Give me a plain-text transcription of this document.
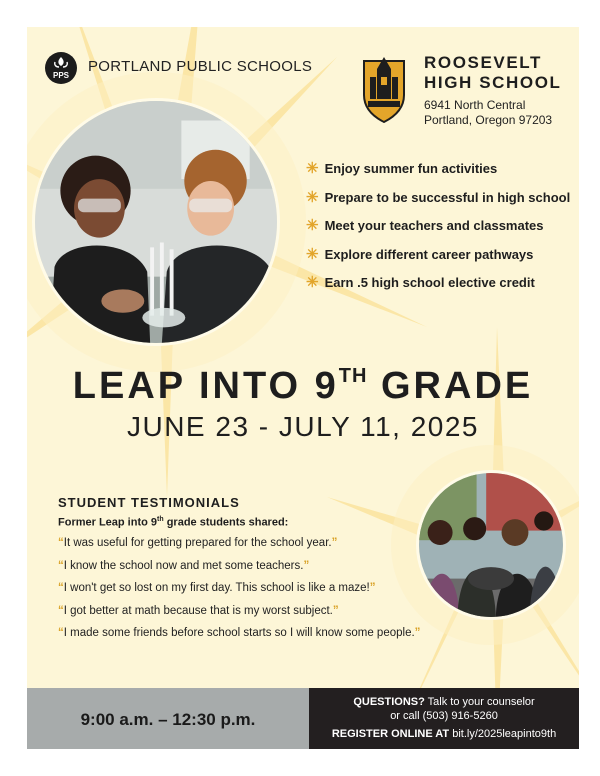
PPS
PORTLAND PUBLIC SCHOOLS	ROOSEVELT
HIGH SCHOOL
6941 North Central
Portland, Oregon 97203
✳ Enjoy summer fun activities
✳ Prepare to be successful in high school
✳ Meet your teachers and classmates
✳ Explore different career pathways
✳ Earn .5 high school elective credit
LEAP INTO 9TH GRADE
JUNE 23 - JULY 11, 2025
STUDENT TESTIMONIALS
Former Leap into 9th grade students shared:
“It was useful for getting prepared for the school year.”
“I know the school now and met some teachers.”
“I won't get so lost on my first day. This school is like a maze!”
“I got better at math because that is my worst subject.”
“I made some friends before school starts so I will know some people.”
9:00 a.m. – 12:30 p.m.
QUESTIONS? Talk to your counselor
or call (503) 916-5260
REGISTER ONLINE AT bit.ly/2025leapinto9th
